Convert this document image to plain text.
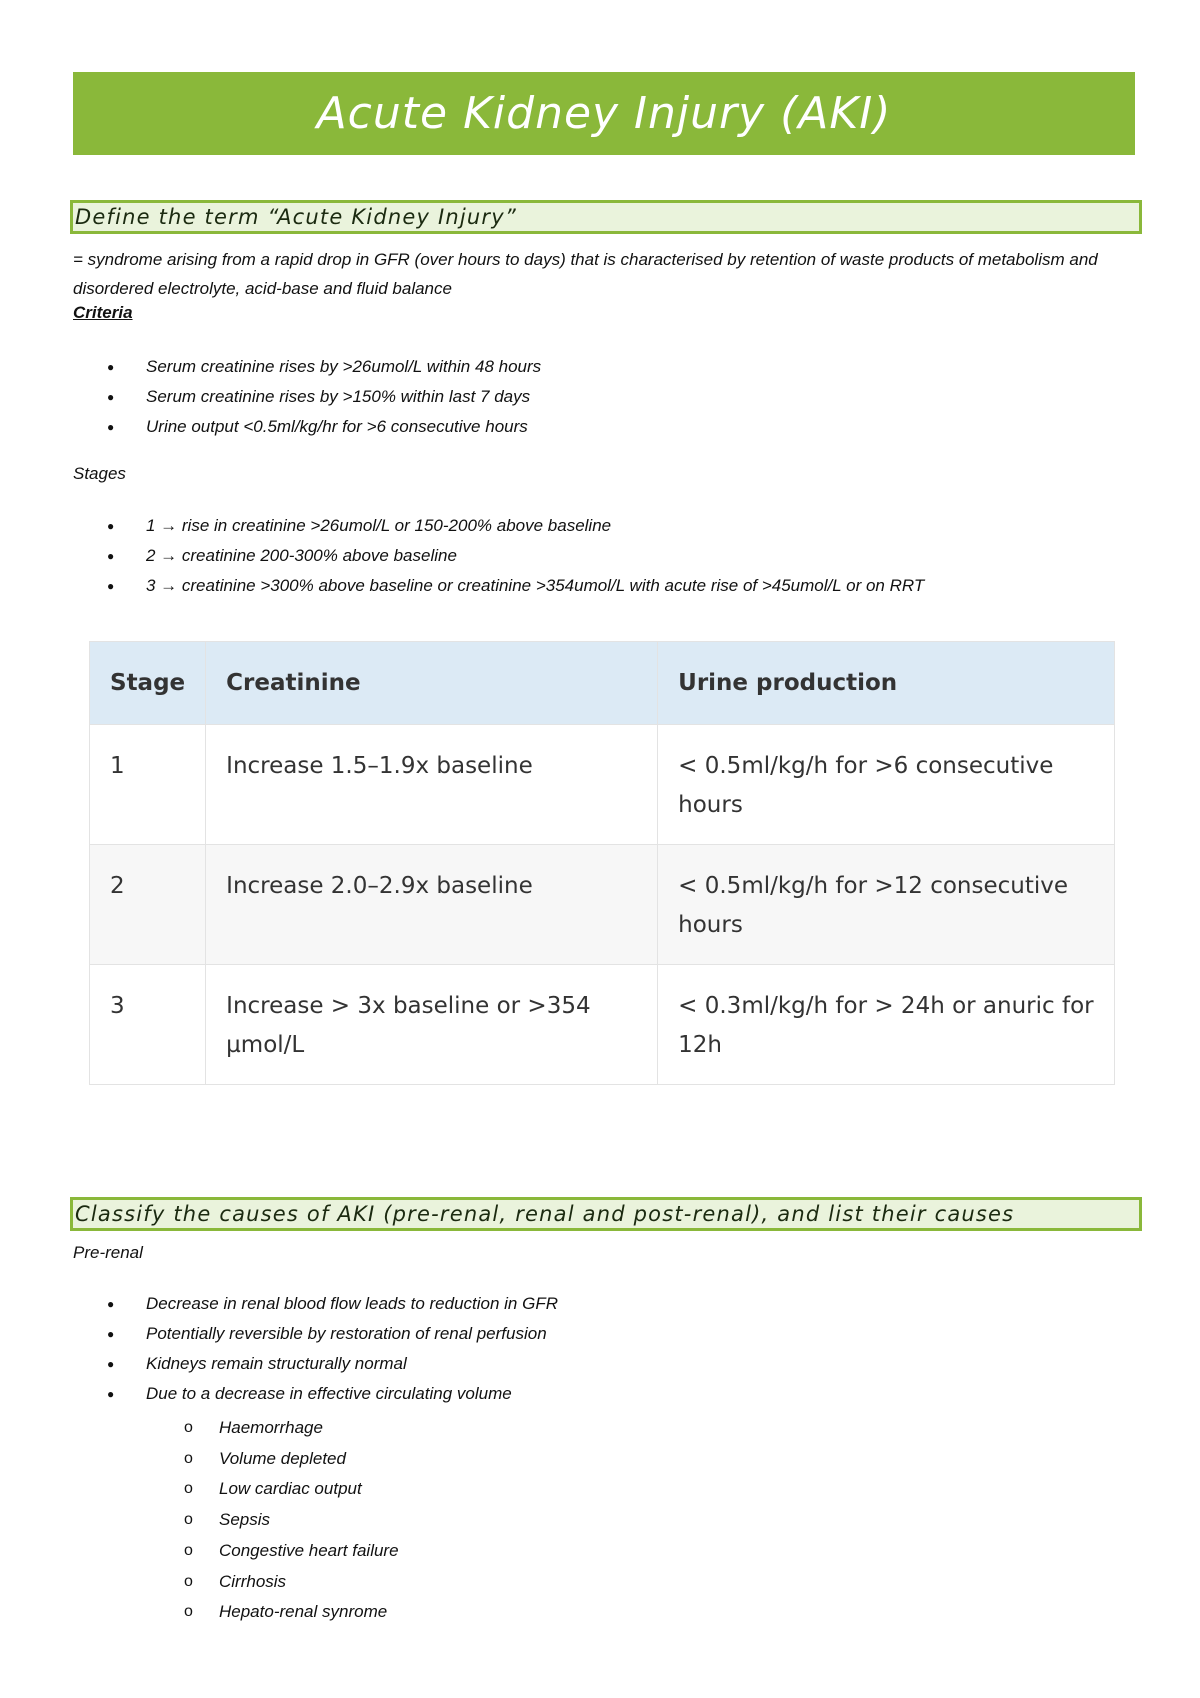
Acute Kidney Injury (AKI)
Define the term “Acute Kidney Injury”
= syndrome arising from a rapid drop in GFR (over hours to days) that is characterised by retention of waste products of metabolism and disordered electrolyte, acid-base and fluid balance
Criteria
● Serum creatinine rises by >26umol/L within 48 hours
● Serum creatinine rises by >150% within last 7 days
● Urine output <0.5ml/kg/hr for >6 consecutive hours
Stages
● 1 → rise in creatinine >26umol/L or 150-200% above baseline
● 2 → creatinine 200-300% above baseline
● 3 → creatinine >300% above baseline or creatinine >354umol/L with acute rise of >45umol/L or on RRT
Stage	Creatinine	Urine production
1	Increase 1.5–1.9x baseline	< 0.5ml/kg/h for >6 consecutive hours
2	Increase 2.0–2.9x baseline	< 0.5ml/kg/h for >12 consecutive hours
3	Increase > 3x baseline or >354 µmol/L	< 0.3ml/kg/h for > 24h or anuric for 12h
Classify the causes of AKI (pre-renal, renal and post-renal), and list their causes
Pre-renal
● Decrease in renal blood flow leads to reduction in GFR
● Potentially reversible by restoration of renal perfusion
● Kidneys remain structurally normal
● Due to a decrease in effective circulating volume
o Haemorrhage
o Volume depleted
o Low cardiac output
o Sepsis
o Congestive heart failure
o Cirrhosis
o Hepato-renal synrome
